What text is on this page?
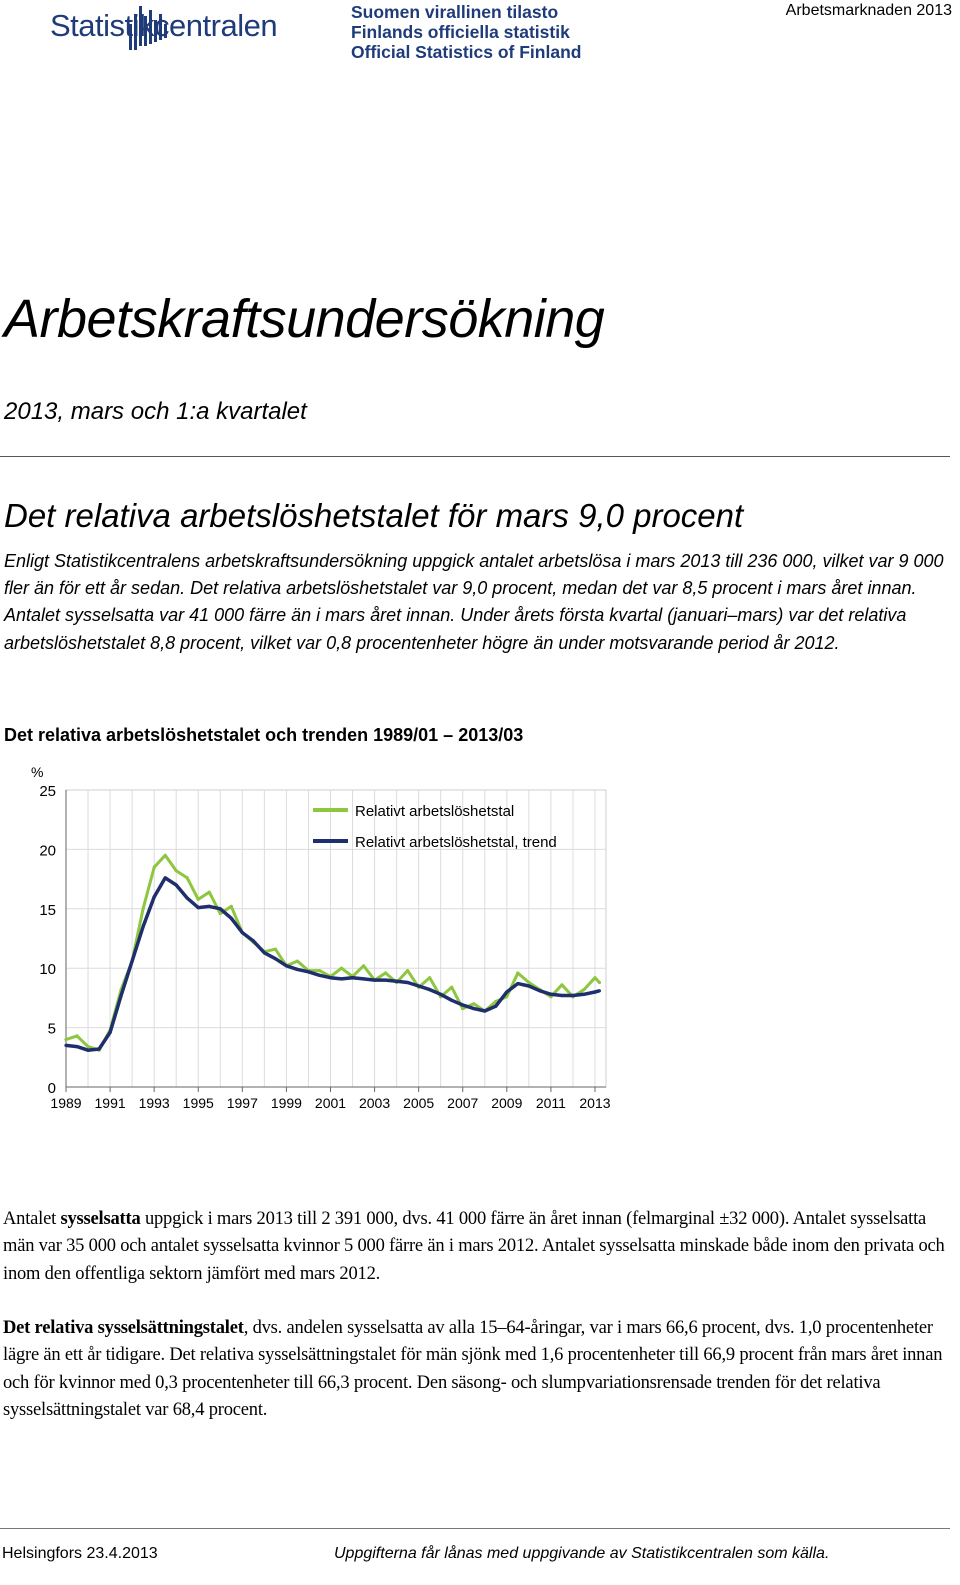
Statistikcentralen	Suomen virallinen tilasto
Finlands officiella statistik
Official Statistics of Finland
Arbetsmarknaden 2013
Arbetskraftsundersökning
2013, mars och 1:a kvartalet
Det relativa arbetslöshetstalet för mars 9,0 procent
Enligt Statistikcentralens arbetskraftsundersökning uppgick antalet arbetslösa i mars 2013 till 236 000, vilket var 9 000 fler än för ett år sedan. Det relativa arbetslöshetstalet var 9,0 procent, medan det var 8,5 procent i mars året innan. Antalet sysselsatta var 41 000 färre än i mars året innan. Under årets första kvartal (januari–mars) var det relativa arbetslöshetstalet 8,8 procent, vilket var 0,8 procentenheter högre än under motsvarande period år 2012.
Det relativa arbetslöshetstalet och trenden 1989/01 – 2013/03
0
5
10
15
20
25
1989 1991 1993 1995 1997 1999 2001 2003 2005 2007 2009 2011 2013
%
Relativt arbetslöshetstal
Relativt arbetslöshetstal, trend
Antalet sysselsatta uppgick i mars 2013 till 2 391 000, dvs. 41 000 färre än året innan (felmarginal ±32 000). Antalet sysselsatta män var 35 000 och antalet sysselsatta kvinnor 5 000 färre än i mars 2012. Antalet sysselsatta minskade både inom den privata och inom den offentliga sektorn jämfört med mars 2012.
Det relativa sysselsättningstalet, dvs. andelen sysselsatta av alla 15–64-åringar, var i mars 66,6 procent, dvs. 1,0 procentenheter lägre än ett år tidigare. Det relativa sysselsättningstalet för män sjönk med 1,6 procentenheter till 66,9 procent från mars året innan och för kvinnor med 0,3 procentenheter till 66,3 procent. Den säsong- och slumpvariationsrensade trenden för det relativa sysselsättningstalet var 68,4 procent.
Helsingfors 23.4.2013	Uppgifterna får lånas med uppgivande av Statistikcentralen som källa.
